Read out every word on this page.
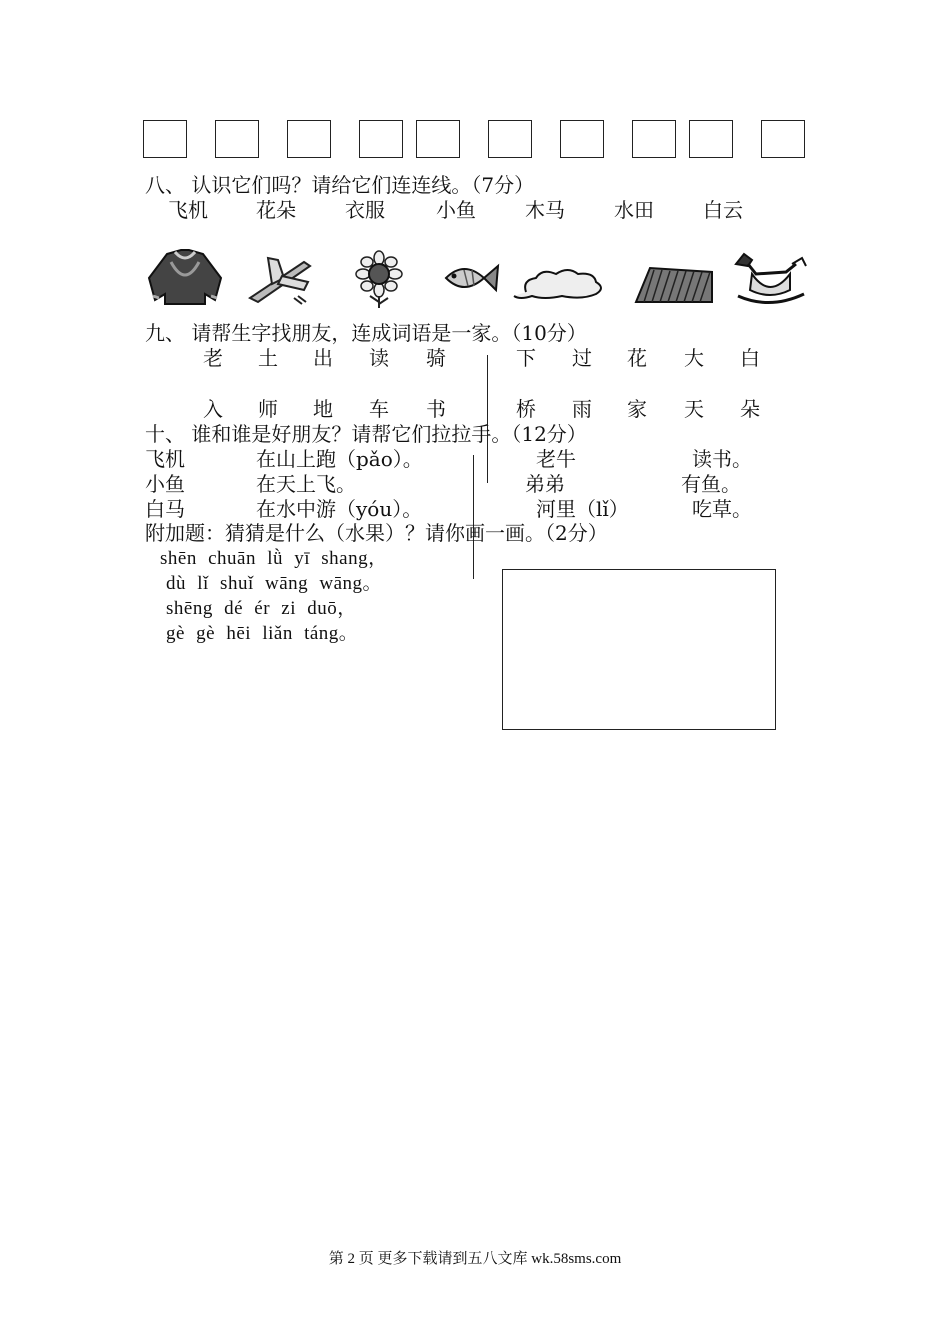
八、 认识它们吗？请给它们连连线。（7分）
飞机 花朵 衣服	小鱼 木马 水田 白云
九、 请帮生字找朋友，连成词语是一家。（10分）
老 土 出 读 骑	下 过 花 大 白
入 师 地 车 书	桥 雨 家 天 朵
十、 谁和谁是好朋友？请帮它们拉拉手。（12分）
飞机	在山上跑（pǎo）。	老牛	读书。
小鱼	在天上飞。	弟弟	有鱼。
白马	在水中游（yóu）。	河里（lǐ）	吃草。
附加题：猜猜是什么（水果）？请你画一画。（2分）
shēn chuān lǜ yī shang，
dù lǐ shuǐ wāng wāng。
shēng dé ér zi duō，
gè gè hēi liǎn táng。
第 2 页 更多下载请到五八文库 wk.58sms.com
